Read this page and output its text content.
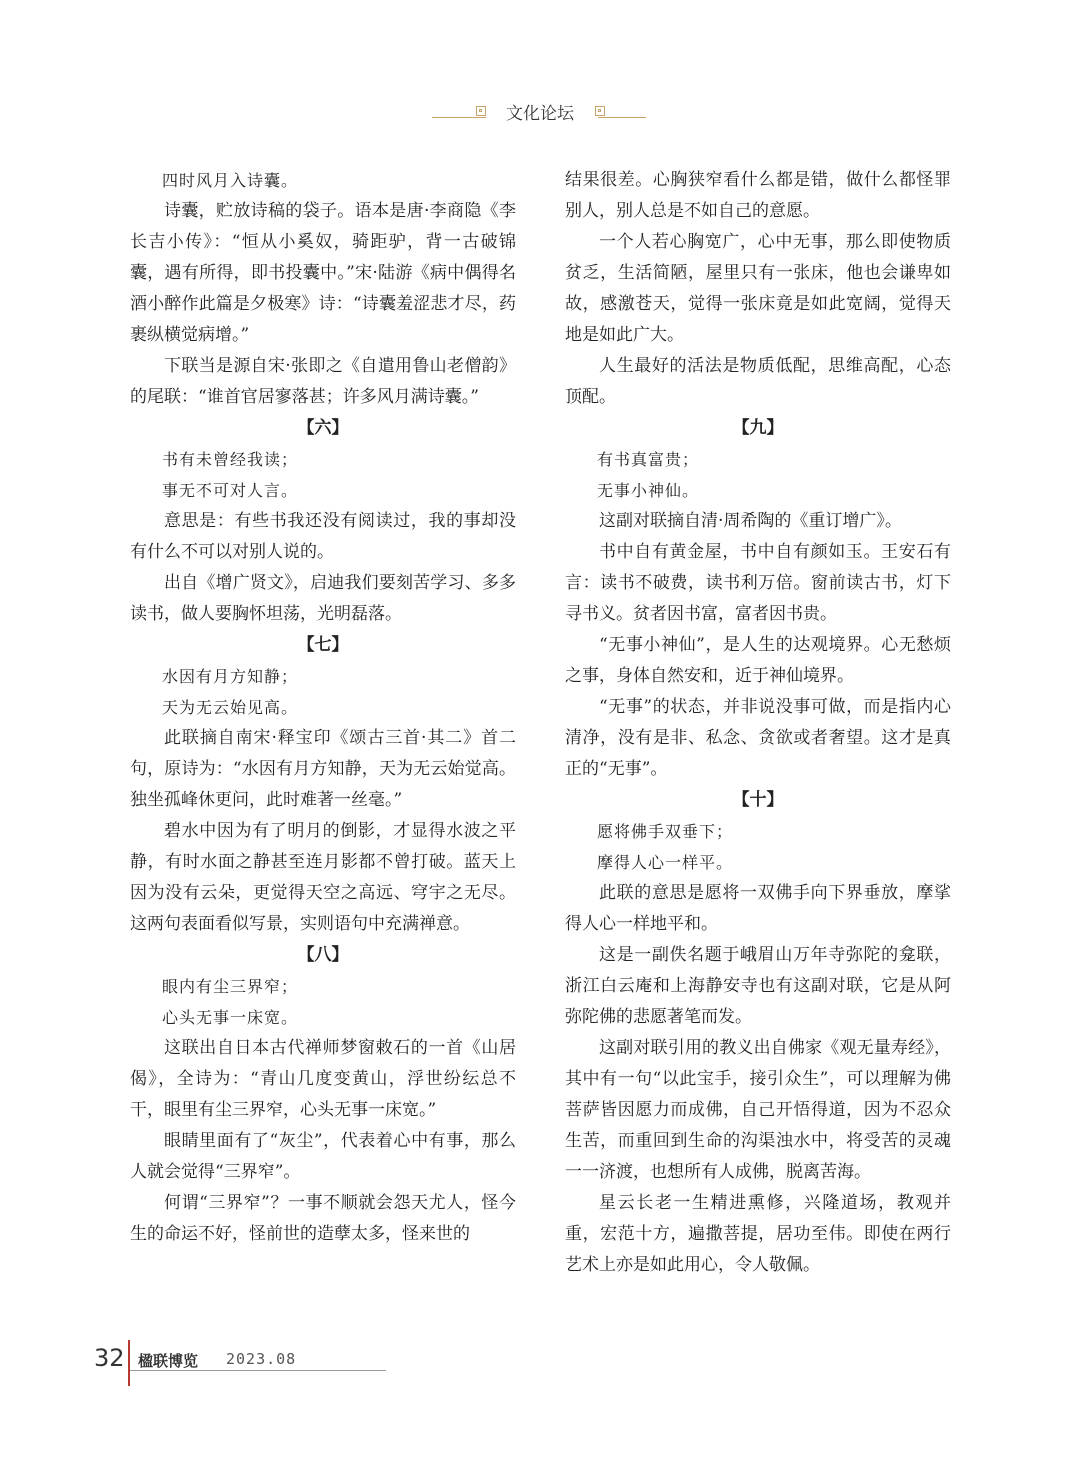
文化论坛

四时风月入诗囊。

诗囊，贮放诗稿的袋子。语本是唐·李商隐《李长吉小传》：“恒从小奚奴，骑距驴，背一古破锦囊，遇有所得，即书投囊中。”宋·陆游《病中偶得名酒小醉作此篇是夕极寒》诗：“诗囊羞涩悲才尽，药裹纵横觉病增。”

下联当是源自宋·张即之《自遣用鲁山老僧韵》的尾联：“谁首官居寥落甚；许多风月满诗囊。”

【六】

书有未曾经我读；

事无不可对人言。

意思是：有些书我还没有阅读过，我的事却没有什么不可以对别人说的。

出自《增广贤文》，启迪我们要刻苦学习、多多读书，做人要胸怀坦荡，光明磊落。

【七】

水因有月方知静；

天为无云始见高。

此联摘自南宋·释宝印《颂古三首·其二》首二句，原诗为：“水因有月方知静，天为无云始觉高。独坐孤峰休更问，此时难著一丝毫。”

碧水中因为有了明月的倒影，才显得水波之平静，有时水面之静甚至连月影都不曾打破。蓝天上因为没有云朵，更觉得天空之高远、穹宇之无尽。这两句表面看似写景，实则语句中充满禅意。

【八】

眼内有尘三界窄；

心头无事一床宽。

这联出自日本古代禅师梦窗敕石的一首《山居偈》，全诗为：“青山几度变黄山，浮世纷纭总不干，眼里有尘三界窄，心头无事一床宽。”

眼睛里面有了“灰尘”，代表着心中有事，那么人就会觉得“三界窄”。

何谓“三界窄”？一事不顺就会怨天尤人，怪今生的命运不好，怪前世的造孽太多，怪来世的

结果很差。心胸狭窄看什么都是错，做什么都怪罪别人，别人总是不如自己的意愿。

一个人若心胸宽广，心中无事，那么即使物质贫乏，生活简陋，屋里只有一张床，他也会谦卑如故，感激苍天，觉得一张床竟是如此宽阔，觉得天地是如此广大。

人生最好的活法是物质低配，思维高配，心态顶配。

【九】

有书真富贵；

无事小神仙。

这副对联摘自清·周希陶的《重订增广》。

书中自有黄金屋，书中自有颜如玉。王安石有言：读书不破费，读书利万倍。窗前读古书，灯下寻书义。贫者因书富，富者因书贵。

“无事小神仙”，是人生的达观境界。心无愁烦之事，身体自然安和，近于神仙境界。

“无事”的状态，并非说没事可做，而是指内心清净，没有是非、私念、贪欲或者奢望。这才是真正的“无事”。

【十】

愿将佛手双垂下；

摩得人心一样平。

此联的意思是愿将一双佛手向下界垂放，摩挲得人心一样地平和。

这是一副佚名题于峨眉山万年寺弥陀的龛联，浙江白云庵和上海静安寺也有这副对联，它是从阿弥陀佛的悲愿著笔而发。

这副对联引用的教义出自佛家《观无量寿经》，其中有一句“以此宝手，接引众生”，可以理解为佛菩萨皆因愿力而成佛，自己开悟得道，因为不忍众生苦，而重回到生命的沟渠浊水中，将受苦的灵魂一一济渡，也想所有人成佛，脱离苦海。

星云长老一生精进熏修，兴隆道场，教观并重，宏范十方，遍撒菩提，居功至伟。即使在两行艺术上亦是如此用心，令人敬佩。

32 楹联博览 2023.08
